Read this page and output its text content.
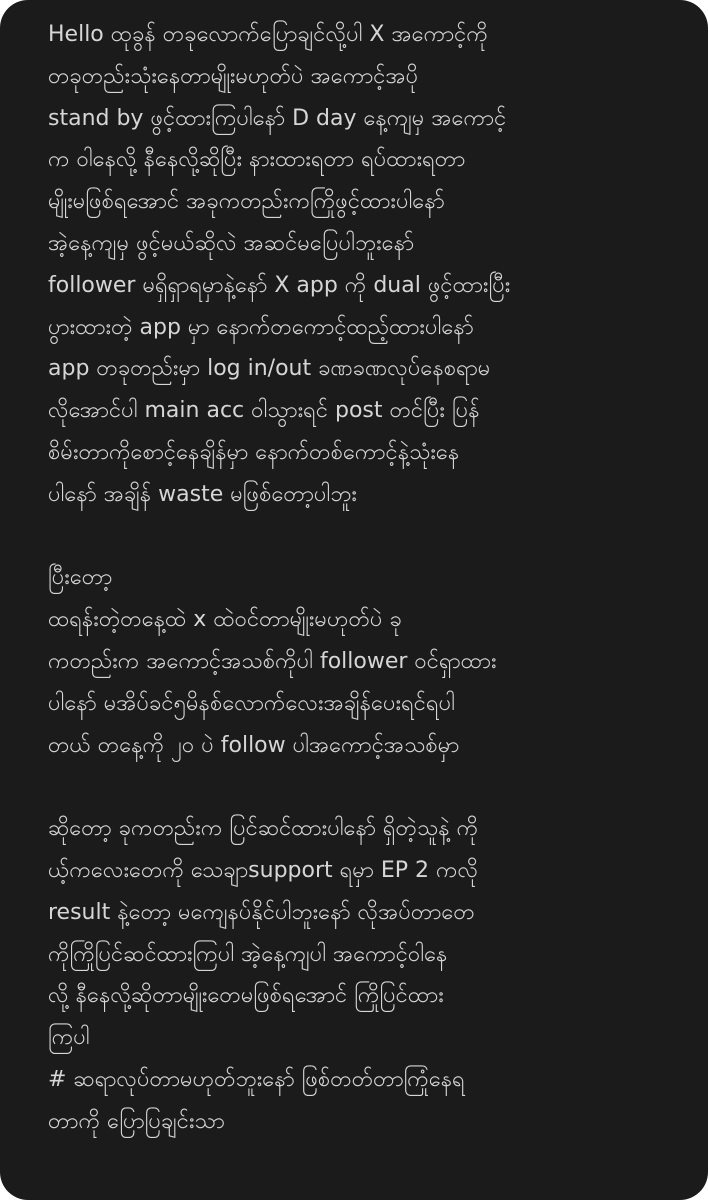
Hello ထုခွန် တခုလောက်ပြောချင်လို့ပါ X အကောင့်ကို
တခုတည်းသုံးနေတာမျိုးမဟုတ်ပဲ အကောင့်အပို
stand by ဖွင့်ထားကြပါနော် D day နေ့ကျမှ အကောင့်
က ဝါနေလို့ နီနေလို့ဆိုပြီး နားထားရတာ ရပ်ထားရတာ
မျိုးမဖြစ်ရအောင် အခုကတည်းကကြိုဖွင့်ထားပါနော်
အဲ့နေ့ကျမှ ဖွင့်မယ်ဆိုလဲ အဆင်မပြေပါဘူးနော်
follower မရှိရှာရမှာနဲ့နော် X app ကို dual ဖွင့်ထားပြီး
ပွားထားတဲ့ app မှာ နောက်တကောင့်ထည့်ထားပါနော်
app တခုတည်းမှာ log in/out ခဏခဏလုပ်နေစရာမ
လိုအောင်ပါ main acc ဝါသွားရင် post တင်ပြီး ပြန်
စိမ်းတာကိုစောင့်နေချိန်မှာ နောက်တစ်ကောင့်နဲ့သုံးနေ
ပါနော် အချိန် waste မဖြစ်တော့ပါဘူး
ပြီးတော့
ထရန်းတဲ့တနေ့ထဲ x ထဲဝင်တာမျိုးမဟုတ်ပဲ ခု
ကတည်းက အကောင့်အသစ်ကိုပါ follower ဝင်ရှာထား
ပါနော် မအိပ်ခင်၅မိနစ်လောက်လေးအချိန်ပေးရင်ရပါ
တယ် တနေ့ကို ၂၀ ပဲ follow ပါအကောင့်အသစ်မှာ
ဆိုတော့ ခုကတည်းက ပြင်ဆင်ထားပါနော် ရှိတဲ့သူနဲ့ ကို
ယ့်ကလေးတေကို သေချာsupport ရမှာ EP 2 ကလို
result နဲ့တော့ မကျေနပ်နိုင်ပါဘူးနော် လိုအပ်တာတေ
ကိုကြိုပြင်ဆင်ထားကြပါ အဲ့နေ့ကျပါ အကောင့်ဝါနေ
လို့ နီနေလို့ဆိုတာမျိုးတေမဖြစ်ရအောင် ကြိုပြင်ထား
ကြပါ
# ဆရာလုပ်တာမဟုတ်ဘူးနော် ဖြစ်တတ်တာကြုံနေရ
တာကို ပြောပြချင်းသာ
